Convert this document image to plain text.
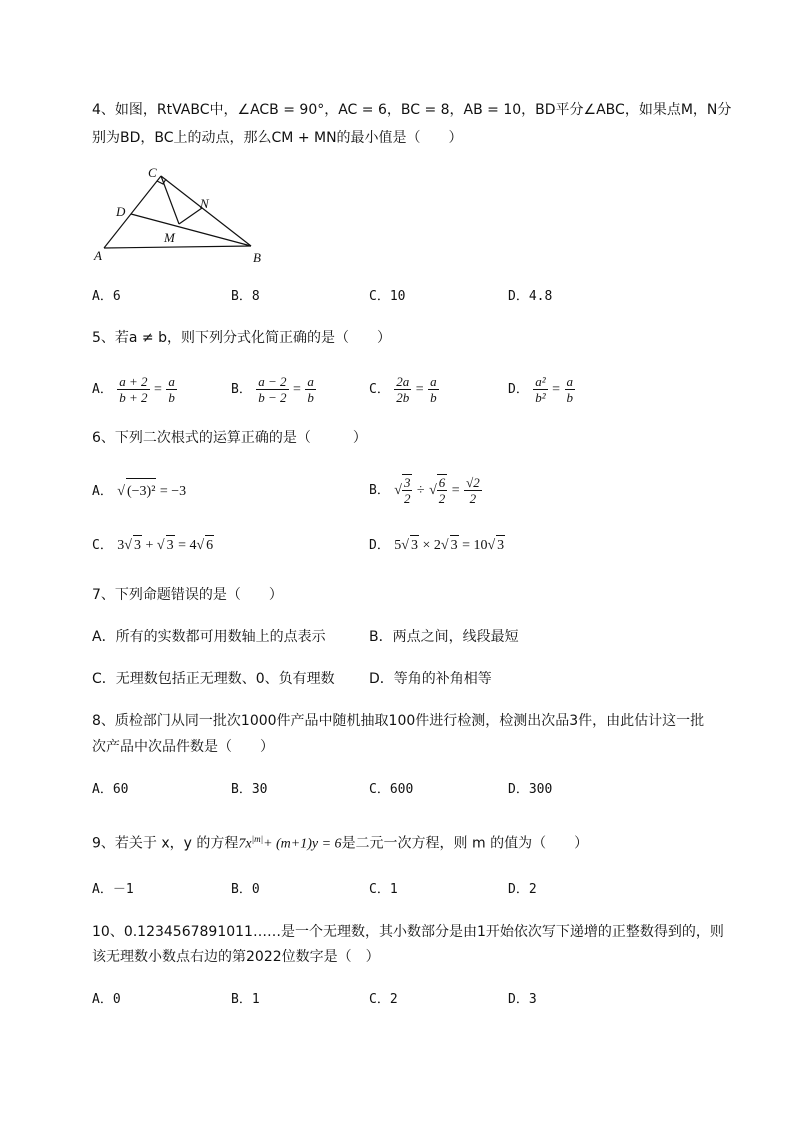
4、如图，RtVABC中，∠ACB = 90°，AC = 6，BC = 8，AB = 10，BD平分∠ABC，如果点M，N分
别为BD，BC上的动点，那么CM + MN的最小值是（　　）
C
D
N
M
A	B
A．6	B．8	C．10	D．4.8
5、若a ≠ b，则下列分式化简正确的是（　　）
A． $\frac{a + 2}{b + 2} = \frac{a}{b}$	B． $\frac{a - 2}{b - 2} = \frac{a}{b}$	C． $\frac{2a}{2b} = \frac{a}{b}$	D． $\frac{\text{a²}}{\text{b²}} = \frac{a}{b}$
6、下列二次根式的运算正确的是（　　　）
A． √ (−3)² = −3	B． √ $\frac{3}{2}$ ÷ √ $\frac{6}{2} = \frac{√2}{2}$
C． 3√ 3 + √ 3 = 4√ 6	D． 5√ 3 × 2√ 3 = 10√ 3
7、下列命题错误的是（　　）
A．所有的实数都可用数轴上的点表示	B．两点之间，线段最短
C．无理数包括正无理数、0、负有理数 D．等角的补角相等
8、质检部门从同一批次1000件产品中随机抽取100件进行检测，检测出次品3件，由此估计这一批
次产品中次品件数是（　　）
A．60	B．30	C．600	D．300
9、若关于 x，y 的方程$7x^{|m|}+ (m+1)y = 6$是二元一次方程，则 m 的值为（　　）
A．－1	B．0	C．1	D．2
10、0.1234567891011……是一个无理数，其小数部分是由1开始依次写下递增的正整数得到的，则
该无理数小数点右边的第2022位数字是（　）
A．0	B．1	C．2	D．3
